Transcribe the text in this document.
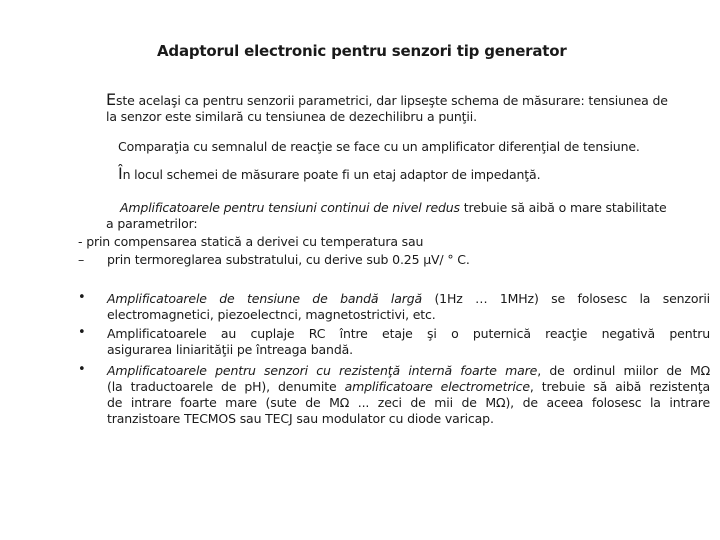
Adaptorul electronic pentru senzori tip generator
Este acelaşi ca pentru senzorii parametrici, dar lipseşte schema de măsurare: tensiunea de
la senzor este similară cu tensiunea de dezechilibru a punţii.
Comparaţia cu semnalul de reacţie se face cu un amplificator diferenţial de tensiune.
În locul schemei de măsurare poate fi un etaj adaptor de impedanţă.
Amplificatoarele pentru tensiuni continui de nivel redus trebuie să aibă o mare stabilitate
a parametrilor:
- prin compensarea statică a derivei cu temperatura sau
– prin termoreglarea substratului, cu derive sub 0.25 µV/ ° C.
• Amplificatoarele de tensiune de bandă largă (1Hz … 1MHz) se folosesc la senzorii
electromagnetici, piezoelectnci, magnetostrictivi, etc.
• Amplificatoarele au cuplaje RC între etaje şi o puternică reacţie negativă pentru
asigurarea liniarităţii pe întreaga bandă.
• Amplificatoarele pentru senzori cu rezistenţă internă foarte mare, de ordinul miilor de MΩ
(la traductoarele de pH), denumite amplificatoare electrometrice, trebuie să aibă rezistenţa
de intrare foarte mare (sute de MΩ ... zeci de mii de MΩ), de aceea folosesc la intrare
tranzistoare TECMOS sau TECJ sau modulator cu diode varicap.
